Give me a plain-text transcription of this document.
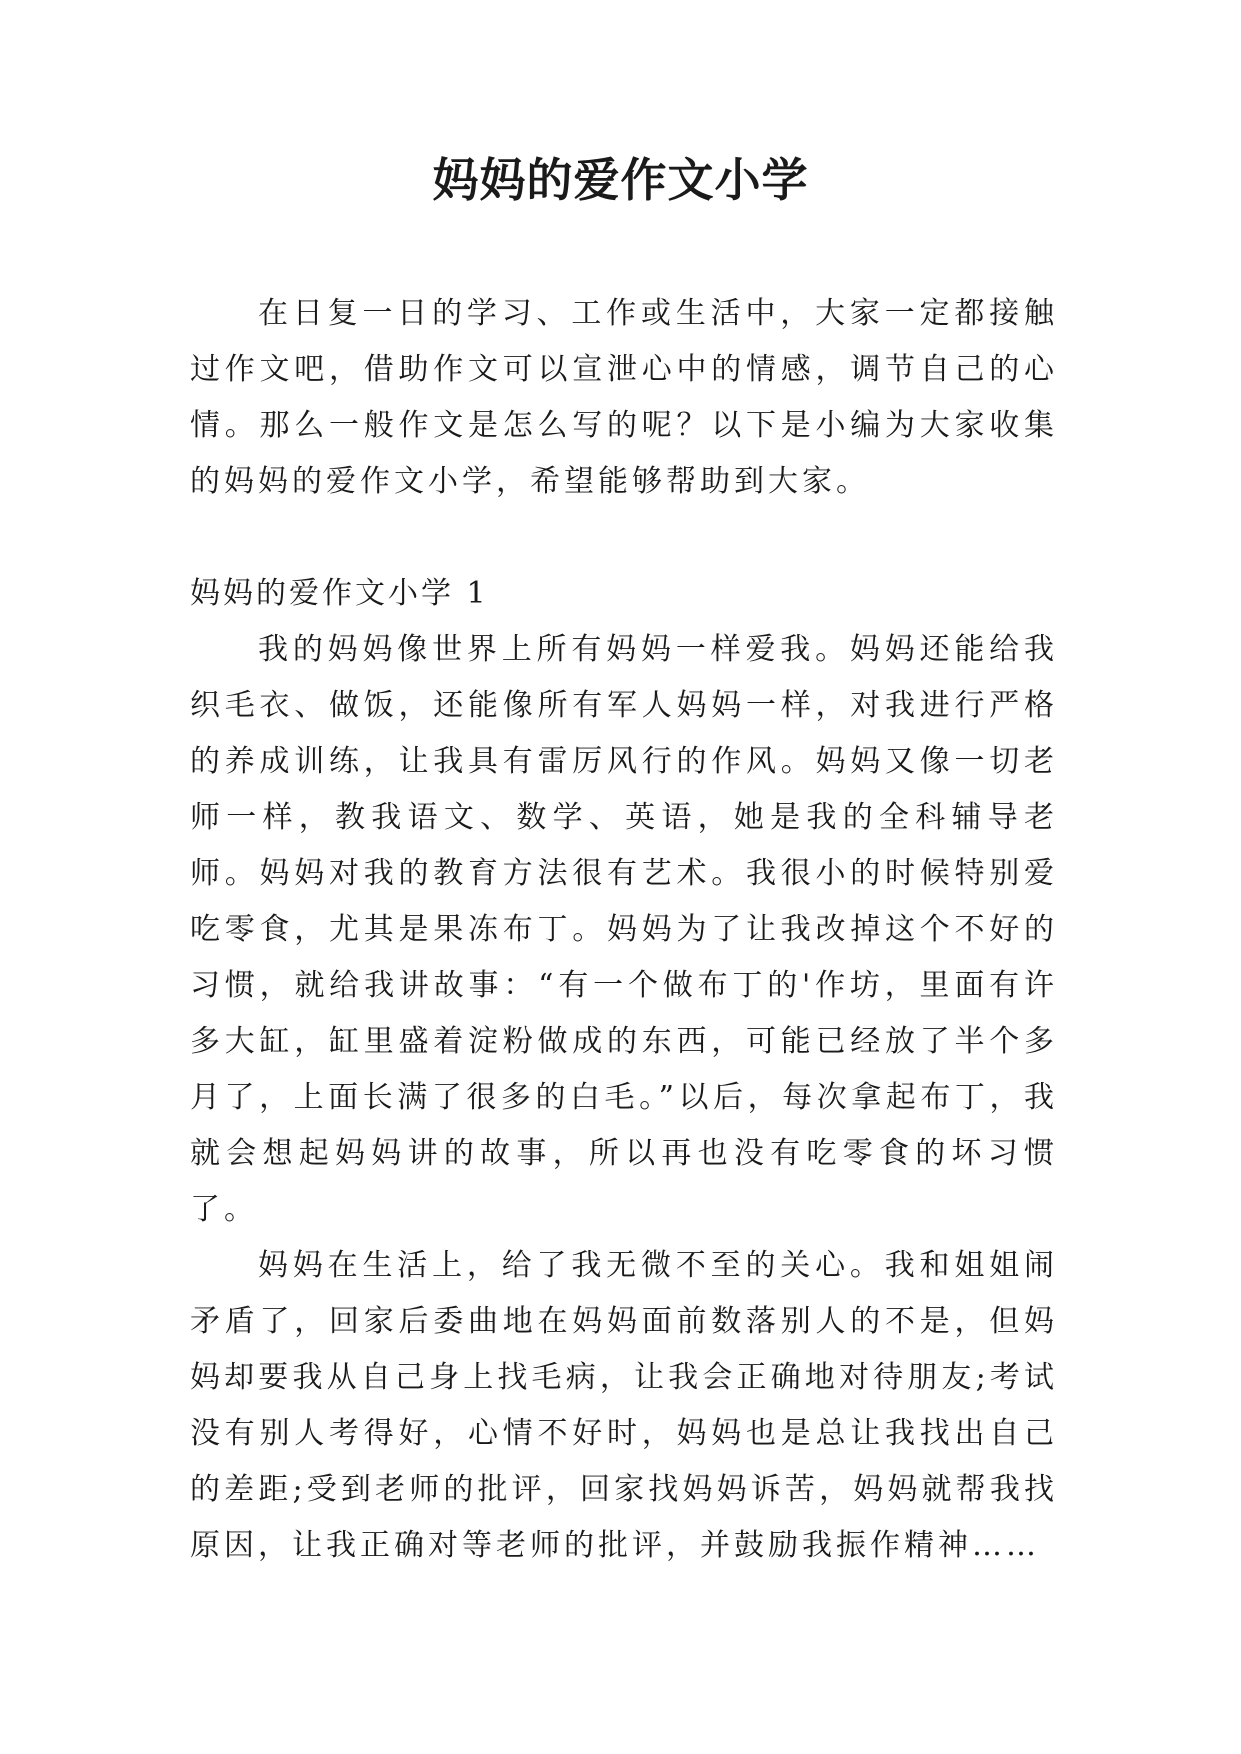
妈妈的爱作文小学

在日复一日的学习、工作或生活中，大家一定都接触过作文吧，借助作文可以宣泄心中的情感，调节自己的心情。那么一般作文是怎么写的呢？以下是小编为大家收集的妈妈的爱作文小学，希望能够帮助到大家。

妈妈的爱作文小学 1

我的妈妈像世界上所有妈妈一样爱我。妈妈还能给我织毛衣、做饭，还能像所有军人妈妈一样，对我进行严格的养成训练，让我具有雷厉风行的作风。妈妈又像一切老师一样，教我语文、数学、英语，她是我的全科辅导老师。妈妈对我的教育方法很有艺术。我很小的时候特别爱吃零食，尤其是果冻布丁。妈妈为了让我改掉这个不好的习惯，就给我讲故事：“有一个做布丁的'作坊，里面有许多大缸，缸里盛着淀粉做成的东西，可能已经放了半个多月了，上面长满了很多的白毛。”以后，每次拿起布丁，我就会想起妈妈讲的故事，所以再也没有吃零食的坏习惯了。

妈妈在生活上，给了我无微不至的关心。我和姐姐闹矛盾了，回家后委曲地在妈妈面前数落别人的不是，但妈妈却要我从自己身上找毛病，让我会正确地对待朋友;考试没有别人考得好，心情不好时，妈妈也是总让我找出自己的差距;受到老师的批评，回家找妈妈诉苦，妈妈就帮我找原因，让我正确对等老师的批评，并鼓励我振作精神……
